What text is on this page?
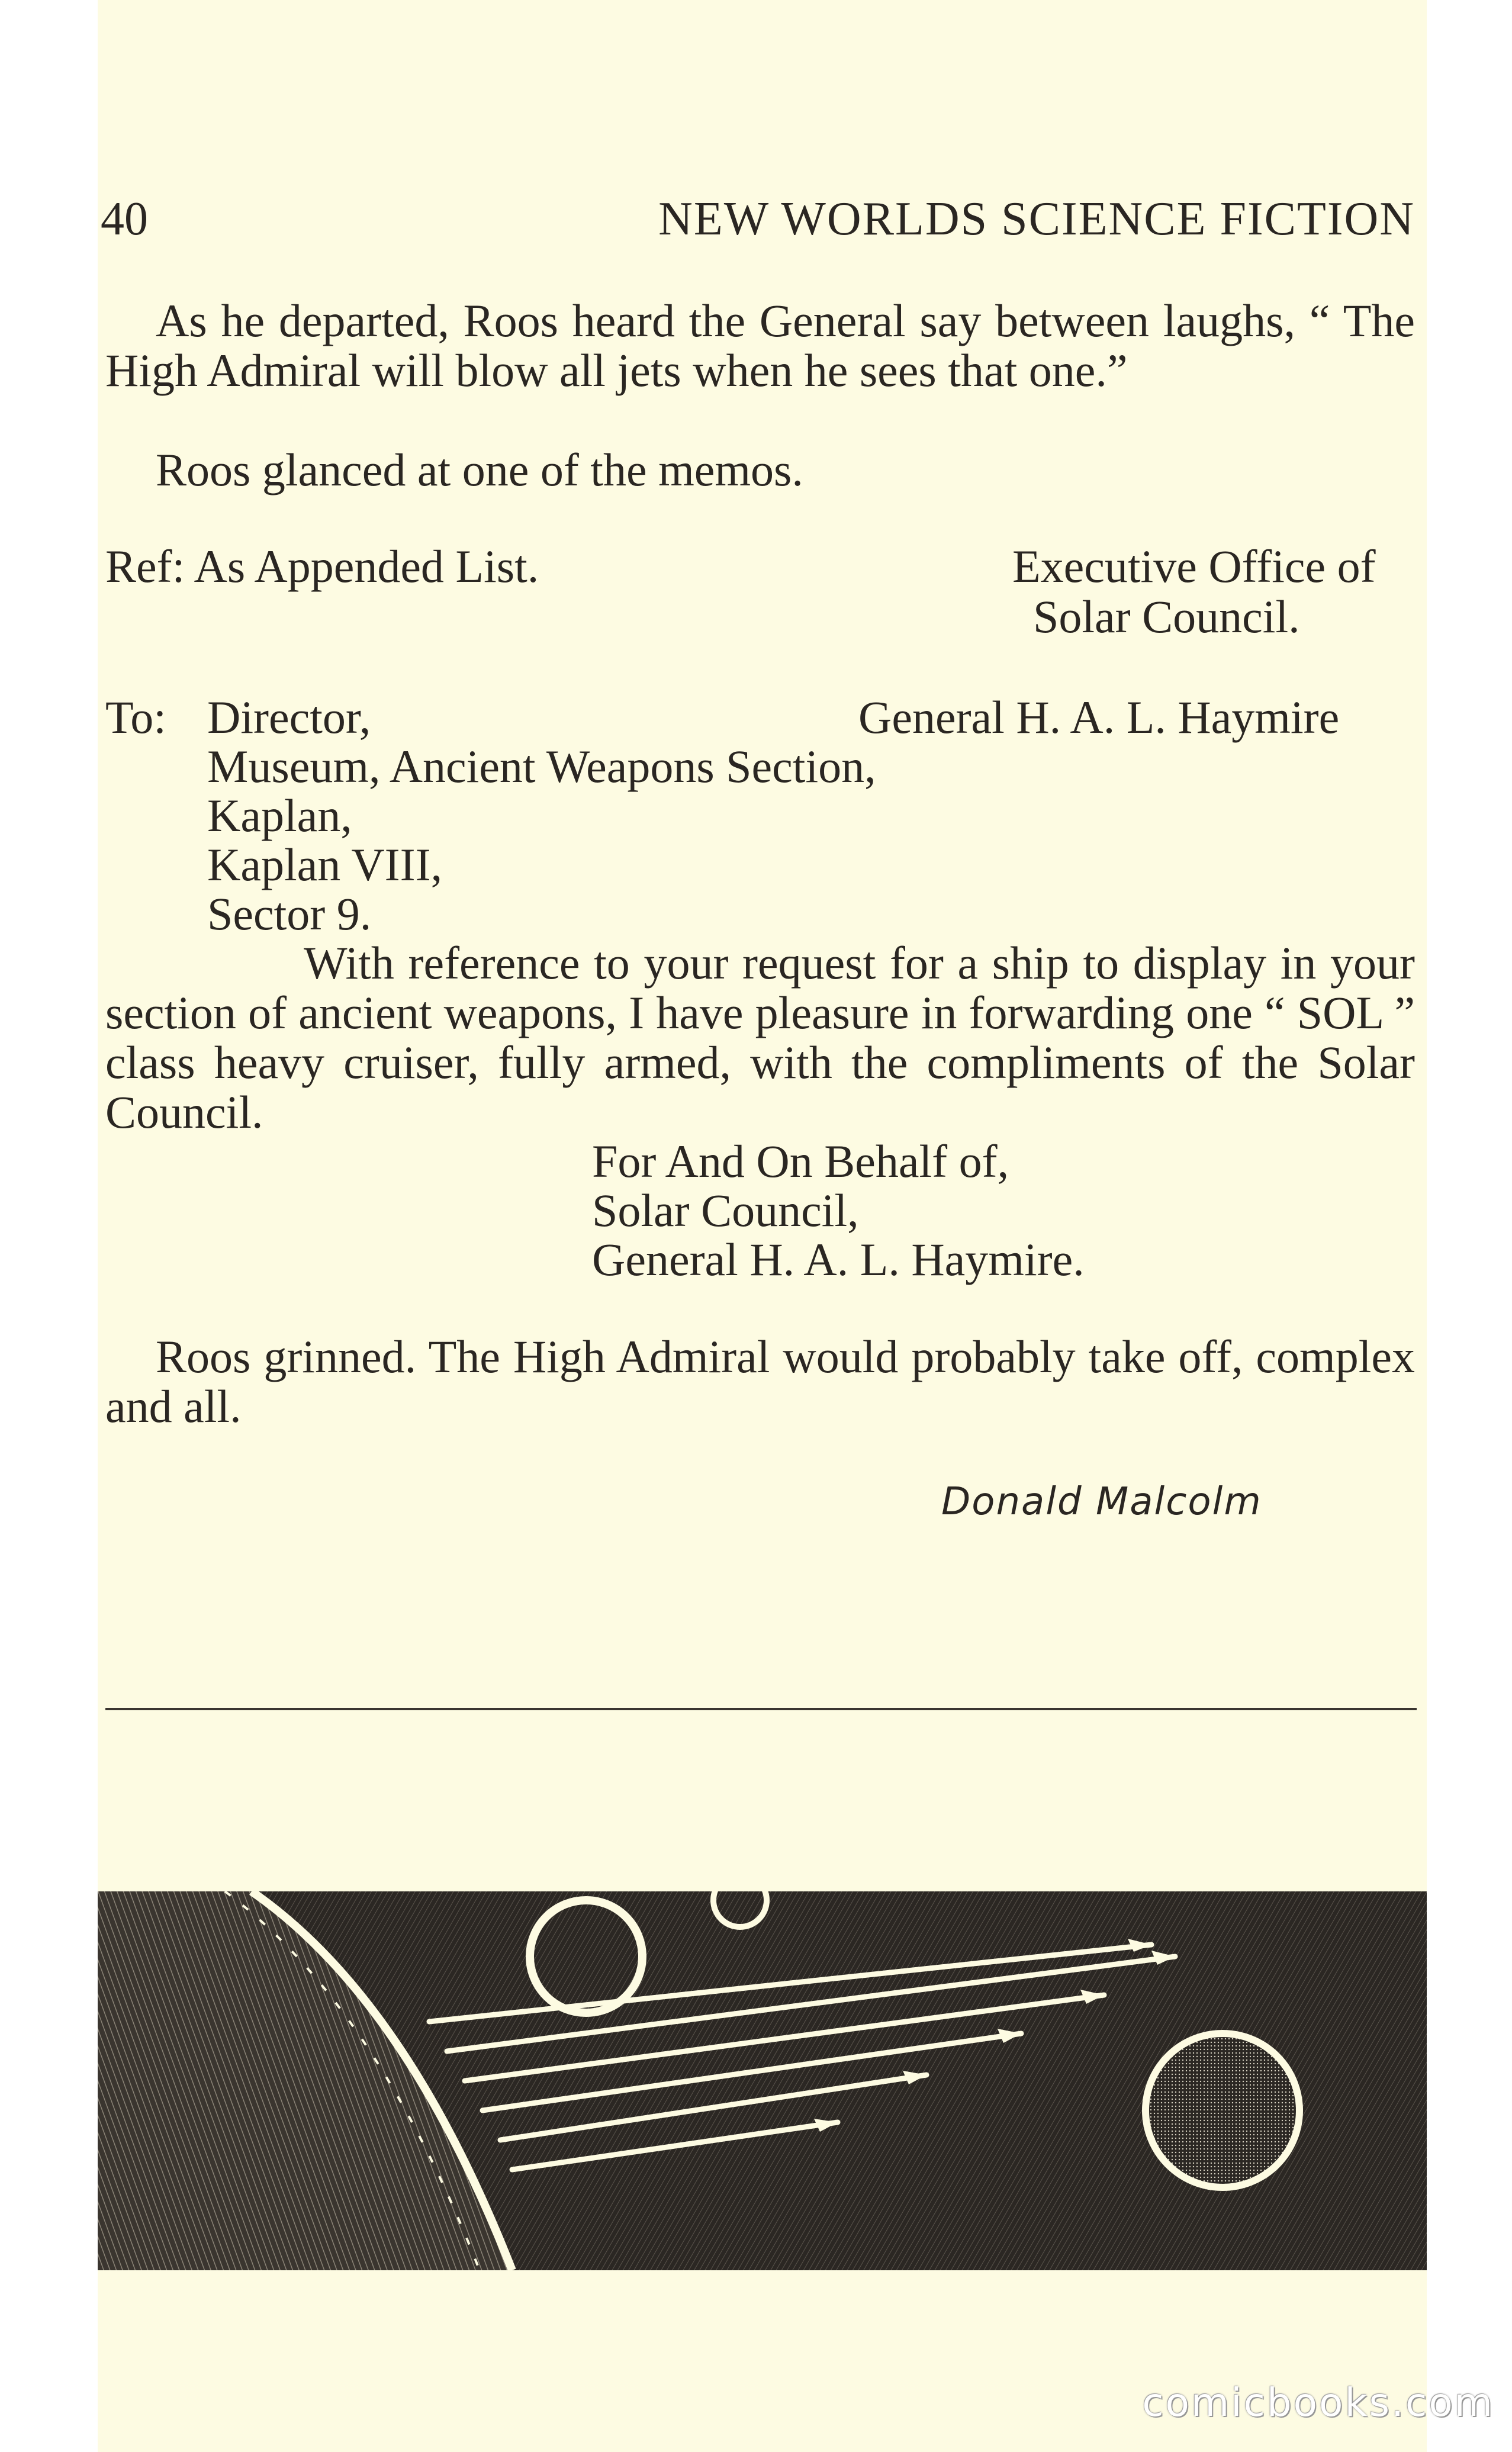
40	NEW WORLDS SCIENCE FICTION

As he departed, Roos heard the General say between laughs, “ The High Admiral will blow all jets when he sees that one.”

Roos glanced at one of the memos.

Ref: As Appended List.	Executive Office of
Solar Council.
To: Director,	General H. A. L. Haymire
Museum, Ancient Weapons Section,
Kaplan,
Kaplan VIII,
Sector 9.

With reference to your request for a ship to display in your section of ancient weapons, I have pleasure in forwarding one “ SOL ” class heavy cruiser, fully armed, with the compliments of the Solar Council.

For And On Behalf of,
Solar Council,
General H. A. L. Haymire.

Roos grinned. The High Admiral would probably take off, complex and all.

Donald Malcolm
comicbooks.com
